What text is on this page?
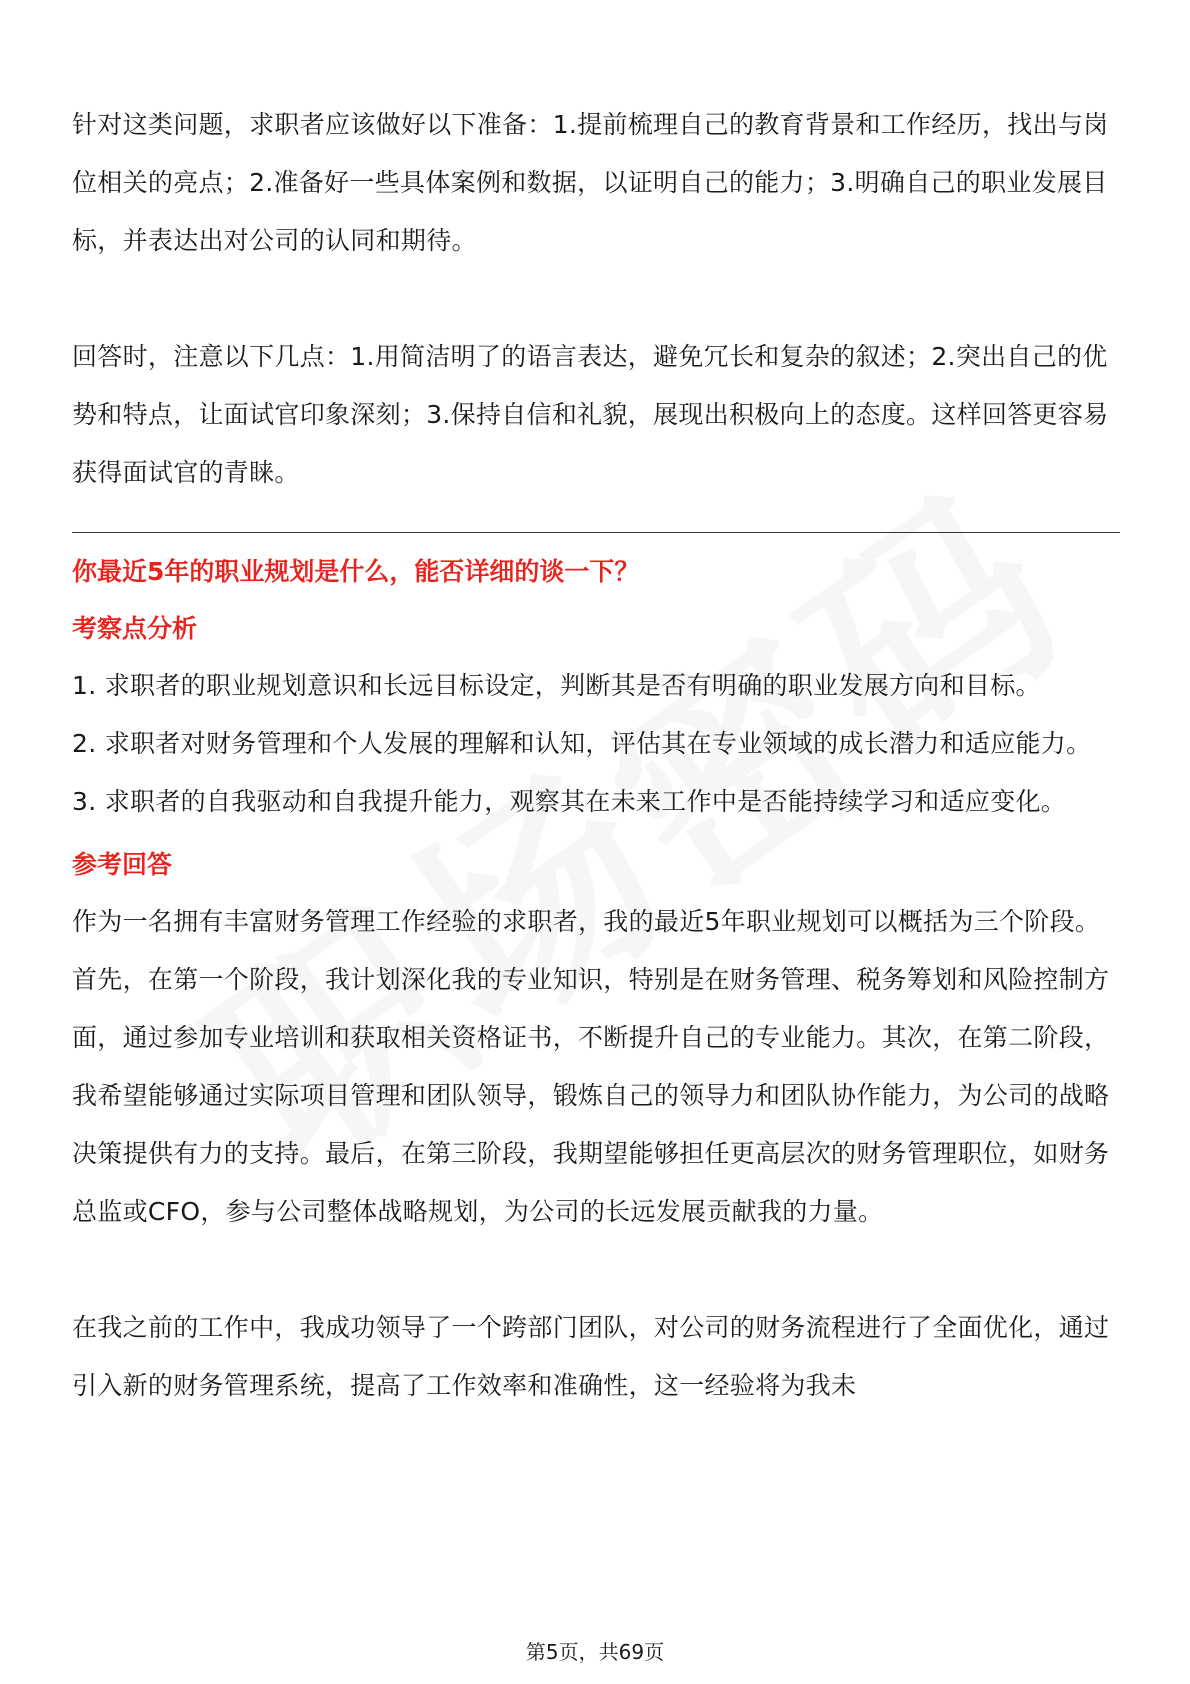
针对这类问题，求职者应该做好以下准备：1.提前梳理自己的教育背景和工作经历，找出与岗位相关的亮点；2.准备好一些具体案例和数据，以证明自己的能力；3.明确自己的职业发展目标，并表达出对公司的认同和期待。

回答时，注意以下几点：1.用简洁明了的语言表达，避免冗长和复杂的叙述；2.突出自己的优势和特点，让面试官印象深刻；3.保持自信和礼貌，展现出积极向上的态度。这样回答更容易获得面试官的青睐。

你最近5年的职业规划是什么，能否详细的谈一下？
考察点分析

1. 求职者的职业规划意识和长远目标设定，判断其是否有明确的职业发展方向和目标。

2. 求职者对财务管理和个人发展的理解和认知，评估其在专业领域的成长潜力和适应能力。

3. 求职者的自我驱动和自我提升能力，观察其在未来工作中是否能持续学习和适应变化。

参考回答

作为一名拥有丰富财务管理工作经验的求职者，我的最近5年职业规划可以概括为三个阶段。首先，在第一个阶段，我计划深化我的专业知识，特别是在财务管理、税务筹划和风险控制方面，通过参加专业培训和获取相关资格证书，不断提升自己的专业能力。其次，在第二阶段，我希望能够通过实际项目管理和团队领导，锻炼自己的领导力和团队协作能力，为公司的战略决策提供有力的支持。最后，在第三阶段，我期望能够担任更高层次的财务管理职位，如财务总监或CFO，参与公司整体战略规划，为公司的长远发展贡献我的力量。

在我之前的工作中，我成功领导了一个跨部门团队，对公司的财务流程进行了全面优化，通过引入新的财务管理系统，提高了工作效率和准确性，这一经验将为我未

第5页，共69页
